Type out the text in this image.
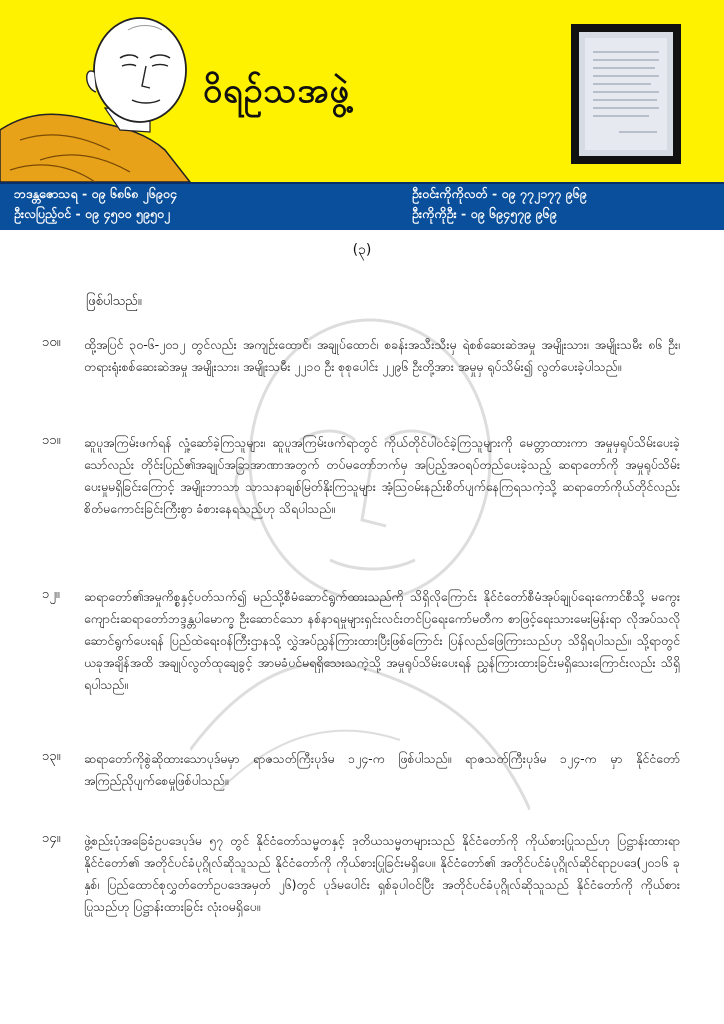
ဝိရဉ်သအဖွဲ့
ဘဒန္တဇောသရ - ၀၉ ၆၈၆၈ ၂၆၉၀၄
ဦးလပြည့်ဝင် - ၀၉ ၄၅၀၀ ၅၉၅၀၂
ဦးဝင်းကိုကိုလတ် - ၀၉ ၇၇၂၁၇၇ ၉၆၉
ဦးကိုကိုဦး - ၀၉ ၆၉၄၅၇၉ ၉၆၉
(၃)
ဖြစ်ပါသည်။
၁၀။ ထို့အပြင် ၃၀-၆-၂၀၁၂ တွင်လည်း အကျဉ်းထောင်၊ အချုပ်ထောင်၊ စခန်းအသီးသီးမှ ရဲစစ်ဆေးဆဲအမှု အမျိုးသား၊ အမျိုးသမီး ၈၆ ဦး၊ တရားရုံးစစ်ဆေးဆဲအမှု အမျိုးသား၊ အမျိုးသမီး ၂၂၁၀ ဦး စုစုပေါင်း ၂၂၉၆ ဦးတို့အား အမှုမှ ရုပ်သိမ်း၍ လွတ်ပေးခဲ့ပါသည်။
၁၁။ ဆူပူအကြမ်းဖက်ရန် လှုံ့ဆော်ခဲ့ကြသူများ၊ ဆူပူအကြမ်းဖက်ရာတွင် ကိုယ်တိုင်ပါဝင်ခဲ့ကြသူများကို မေတ္တာထားကာ အမှုမှရုပ်သိမ်းပေးခဲ့သော်လည်း တိုင်းပြည်၏အချုပ်အခြာအာဏာအတွက် တပ်မတော်ဘက်မှ အပြည့်အဝရပ်တည်ပေးခဲ့သည့် ဆရာတော်ကို အမှုရုပ်သိမ်းပေးမှုမရှိခြင်းကြောင့် အမျိုးဘာသာ သာသနာချစ်မြတ်နိုးကြသူများ အံ့သြဝမ်းနည်းစိတ်ပျက်နေကြရသကဲ့သို့ ဆရာတော်ကိုယ်တိုင်လည်း စိတ်မကောင်းခြင်းကြီးစွာ ခံစားနေရသည်ဟု သိရပါသည်။
၁၂။ ဆရာတော်၏အမှုကိစ္စနှင့်ပတ်သက်၍ မည်သို့စီမံဆောင်ရွက်ထားသည်ကို သိရှိလိုကြောင်း နိုင်ငံတော်စီမံအုပ်ချုပ်ရေးကောင်စီသို့ မကွေးကျောင်းဆရာတော်ဘဒ္ဒန္တပါမောက္ခ ဦးဆောင်သော နစ်နာရမှုများရှင်းလင်းတင်ပြရေးကော်မတီက စာဖြင့်ရေးသားမေးမြန်းရာ လိုအပ်သလိုဆောင်ရွက်ပေးရန် ပြည်ထဲရေးဝန်ကြီးဌာနသို့ လွှဲအပ်ညွှန်ကြားထားပြီးဖြစ်ကြောင်း ပြန်လည်ဖြေကြားသည်ဟု သိရှိရပါသည်။ သို့ရာတွင် ယခုအချိန်အထိ အချုပ်လွတ်ထုချေခွင့် အာမခံပင်မရရှိသေးသကဲ့သို့ အမှုရုပ်သိမ်းပေးရန် ညွှန်ကြားထားခြင်းမရှိသေးကြောင်းလည်း သိရှိရပါသည်။
၁၃။ ဆရာတော်ကိုစွဲဆိုထားသောပုဒ်မမှာ ရာဇသတ်ကြီးပုဒ်မ ၁၂၄-က ဖြစ်ပါသည်။ ရာဇသတ်ကြီးပုဒ်မ ၁၂၄-က မှာ နိုင်ငံတော်အကြည်ညိုပျက်စေမှုဖြစ်ပါသည်။
၁၄။ ဖွဲ့စည်းပုံအခြေခံဥပဒေပုဒ်မ ၅၇ တွင် နိုင်ငံတော်သမ္မတနှင့် ဒုတိယသမ္မတများသည် နိုင်ငံတော်ကို ကိုယ်စားပြုသည်ဟု ပြဋ္ဌာန်းထားရာ နိုင်ငံတော်၏ အတိုင်ပင်ခံပုဂ္ဂိုလ်ဆိုသူသည် နိုင်ငံတော်ကို ကိုယ်စားပြုခြင်းမရှိပေ။ နိုင်ငံတော်၏ အတိုင်ပင်ခံပုဂ္ဂိုလ်ဆိုင်ရာဥပဒေ(၂၀၁၆ ခုနှစ်၊ ပြည်ထောင်စုလွှတ်တော်ဥပဒေအမှတ် ၂၆)တွင် ပုဒ်မပေါင်း ရှစ်ခုပါဝင်ပြီး အတိုင်ပင်ခံပုဂ္ဂိုလ်ဆိုသူသည် နိုင်ငံတော်ကို ကိုယ်စားပြုသည်ဟု ပြဋ္ဌာန်းထားခြင်း လုံးဝမရှိပေ။
